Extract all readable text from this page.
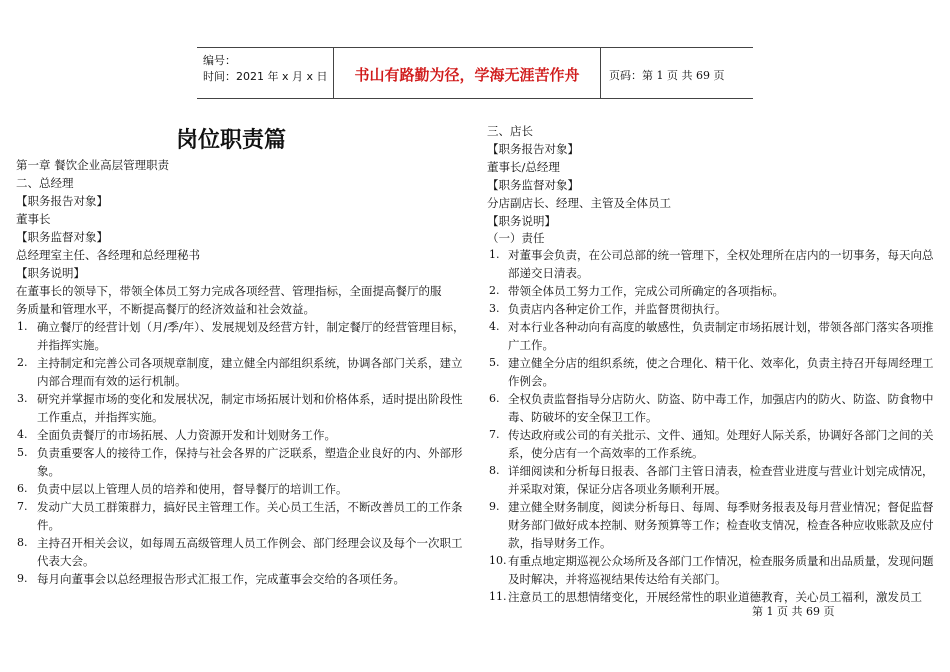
编号：
时间：2021 年 x 月 x 日	书山有路勤为径，学海无涯苦作舟	页码：第 1 页 共 69 页
岗位职责篇
第一章 餐饮企业高层管理职责
二、总经理
【职务报告对象】
董事长
【职务监督对象】
总经理室主任、各经理和总经理秘书
【职务说明】
在董事长的领导下，带领全体员工努力完成各项经营、管理指标，全面提高餐厅的服
务质量和管理水平，不断提高餐厅的经济效益和社会效益。
1. 确立餐厅的经营计划（月/季/年）、发展规划及经营方针，制定餐厅的经营管理目标，并指挥实施。
2. 主持制定和完善公司各项规章制度，建立健全内部组织系统，协调各部门关系，建立内部合理而有效的运行机制。
3. 研究并掌握市场的变化和发展状况，制定市场拓展计划和价格体系，适时提出阶段性工作重点，并指挥实施。
4. 全面负责餐厅的市场拓展、人力资源开发和计划财务工作。
5. 负责重要客人的接待工作，保持与社会各界的广泛联系，塑造企业良好的内、外部形象。
6. 负责中层以上管理人员的培养和使用，督导餐厅的培训工作。
7. 发动广大员工群策群力，搞好民主管理工作。关心员工生活，不断改善员工的工作条件。
8. 主持召开相关会议，如每周五高级管理人员工作例会、部门经理会议及每个一次职工代表大会。
9. 每月向董事会以总经理报告形式汇报工作，完成董事会交给的各项任务。
三、店长
【职务报告对象】
董事长/总经理
【职务监督对象】
分店副店长、经理、主管及全体员工
【职务说明】
（一）责任
1. 对董事会负责，在公司总部的统一管理下，全权处理所在店内的一切事务，每天向总部递交日清表。
2. 带领全体员工努力工作，完成公司所确定的各项指标。
3. 负责店内各种定价工作，并监督贯彻执行。
4. 对本行业各种动向有高度的敏感性，负责制定市场拓展计划，带领各部门落实各项推广工作。
5. 建立健全分店的组织系统，使之合理化、精干化、效率化，负责主持召开每周经理工作例会。
6. 全权负责监督指导分店防火、防盗、防中毒工作，加强店内的防火、防盗、防食物中毒、防破坏的安全保卫工作。
7. 传达政府或公司的有关批示、文件、通知。处理好人际关系，协调好各部门之间的关系，使分店有一个高效率的工作系统。
8. 详细阅读和分析每日报表、各部门主管日清表，检查营业进度与营业计划完成情况，并采取对策，保证分店各项业务顺利开展。
9. 建立健全财务制度，阅读分析每日、每周、每季财务报表及每月营业情况；督促监督财务部门做好成本控制、财务预算等工作；检查收支情况，检查各种应收账款及应付款，指导财务工作。
10. 有重点地定期巡视公众场所及各部门工作情况，检查服务质量和出品质量，发现问题及时解决，并将巡视结果传达给有关部门。
11. 注意员工的思想情绪变化，开展经常性的职业道德教育，关心员工福利，激发员工
第 1 页 共 69 页
